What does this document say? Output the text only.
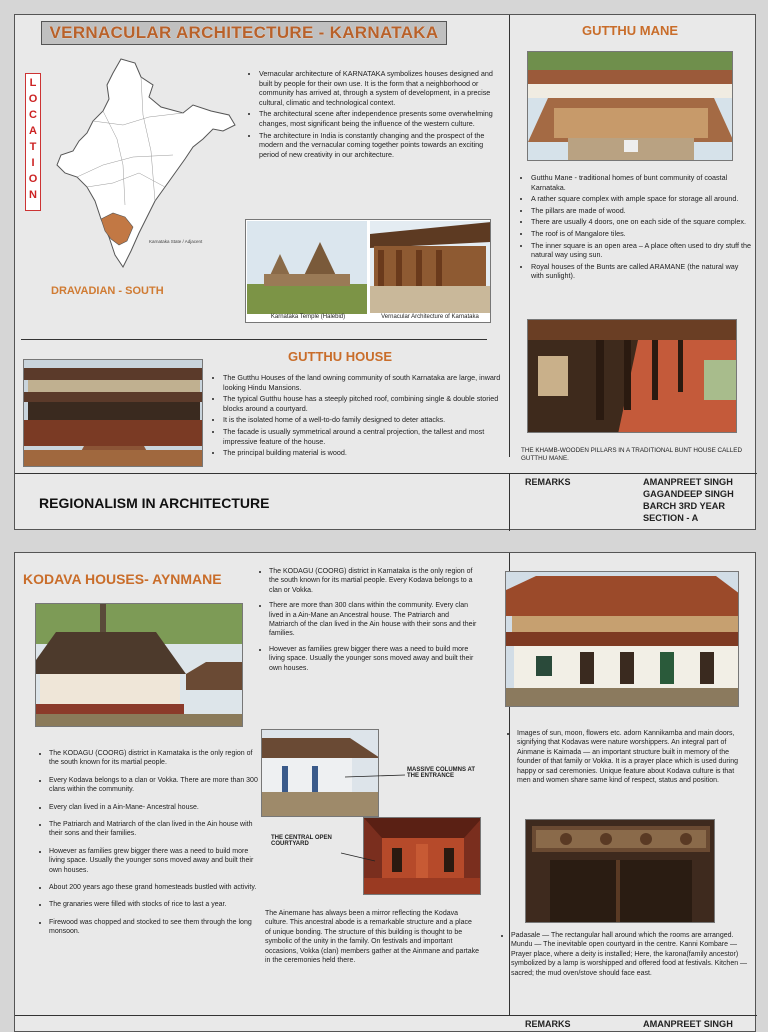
VERNACULAR ARCHITECTURE - KARNATAKA
L
O
C
A
T
I
O
N
Karnataka State / Adjacent
DRAVADIAN - SOUTH
• Vernacular architecture of KARNATAKA symbolizes houses designed and built by people for their own use. It is the form that a neighborhood or community has arrived at, through a system of development, in a precise cultural, climatic and technological context.
• The architectural scene after independence presents some overwhelming changes, most significant being the influence of the western culture.
• The architecture in India is constantly changing and the prospect of the modern and the vernacular coming together points towards an exciting period of new creativity in our architecture.
Karnataka Temple (Halebid)	Vernacular Architecture of Karnataka
GUTTHU HOUSE
• The Gutthu Houses of the land owning community of south Karnataka are large, inward looking Hindu Mansions.
• The typical Gutthu house has a steeply pitched roof, combining single & double storied blocks around a courtyard.
• It is the isolated home of a well-to-do family designed to deter attacks.
• The facade is usually symmetrical around a central projection, the tallest and most impressive feature of the house.
• The principal building material is wood.
GUTTHU MANE
• Gutthu Mane - traditional homes of bunt community of coastal Karnataka.
• A rather square complex with ample space for storage all around.
• The pillars are made of wood.
• There are usually 4 doors, one on each side of the square complex.
• The roof is of Mangalore tiles.
• The inner square is an open area – A place often used to dry stuff the natural way using sun.
• Royal houses of the Bunts are called ARAMANE (the natural way with sunlight).
THE KHAMB-WOODEN PILLARS IN A TRADITIONAL BUNT HOUSE CALLED GUTTHU MANE.
REGIONALISM IN ARCHITECTURE
REMARKS	AMANPREET SINGH
GAGANDEEP SINGH
BARCH 3RD YEAR
SECTION - A
KODAVA HOUSES- AYNMANE
•	The KODAGU (COORG) district in Karnataka is the only region of the south known for its martial people. Every Kodava belongs to a clan or Vokka.
• There are more than 300 clans within the community. Every clan lived in a Ain-Mane an Ancestral house. The Patriarch and Matriarch of the clan lived in the Ain house with their sons and their families.
• However as families grew bigger there was a need to build more living space. Usually the younger sons moved away and built their own houses.
• The KODAGU (COORG) district in Karnataka is the only region of the south known for its martial people.
• Every Kodava belongs to a clan or Vokka. There are more than 300 clans within the community.
• Every clan lived in a Ain-Mane- Ancestral house.
• The Patriarch and Matriarch of the clan lived in the Ain house with their sons and their families.
• However as families grew bigger there was a need to build more living space. Usually the younger sons moved away and built their own houses.
• About 200 years ago these grand homesteads bustled with activity.
• The granaries were filled with stocks of rice to last a year.
• Firewood was chopped and stocked to see them through the long monsoon.
MASSIVE COLUMNS AT THE ENTRANCE
THE CENTRAL OPEN COURTYARD

The Ainemane has always been a mirror reflecting the Kodava culture. This ancestral abode is a remarkable structure and a place of unique bonding. The structure of this building is thought to be symbolic of the unity in the family. On festivals and important occasions, Vokka (clan) members gather at the Ainmane and partake in the ceremonies held there.

• Images of sun, moon, flowers etc. adorn Kannikamba and main doors, signifying that Kodavas were nature worshippers. An integral part of Ainmane is Kaimada — an important structure built in memory of the founder of that family or Vokka. It is a prayer place which is used during happy or sad ceremonies. Unique feature about Kodava culture is that men and women share same kind of respect, status and position.
• Padasale — The rectangular hall around which the rooms are arranged. Mundu — The inevitable open courtyard in the centre. Kanni Kombare — Prayer place, where a deity is installed; Here, the karona(family ancestor) symbolized by a lamp is worshipped and offered food at festivals. Kitchen — sacred; the mud oven/stove should face east.
REMARKS	AMANPREET SINGH
